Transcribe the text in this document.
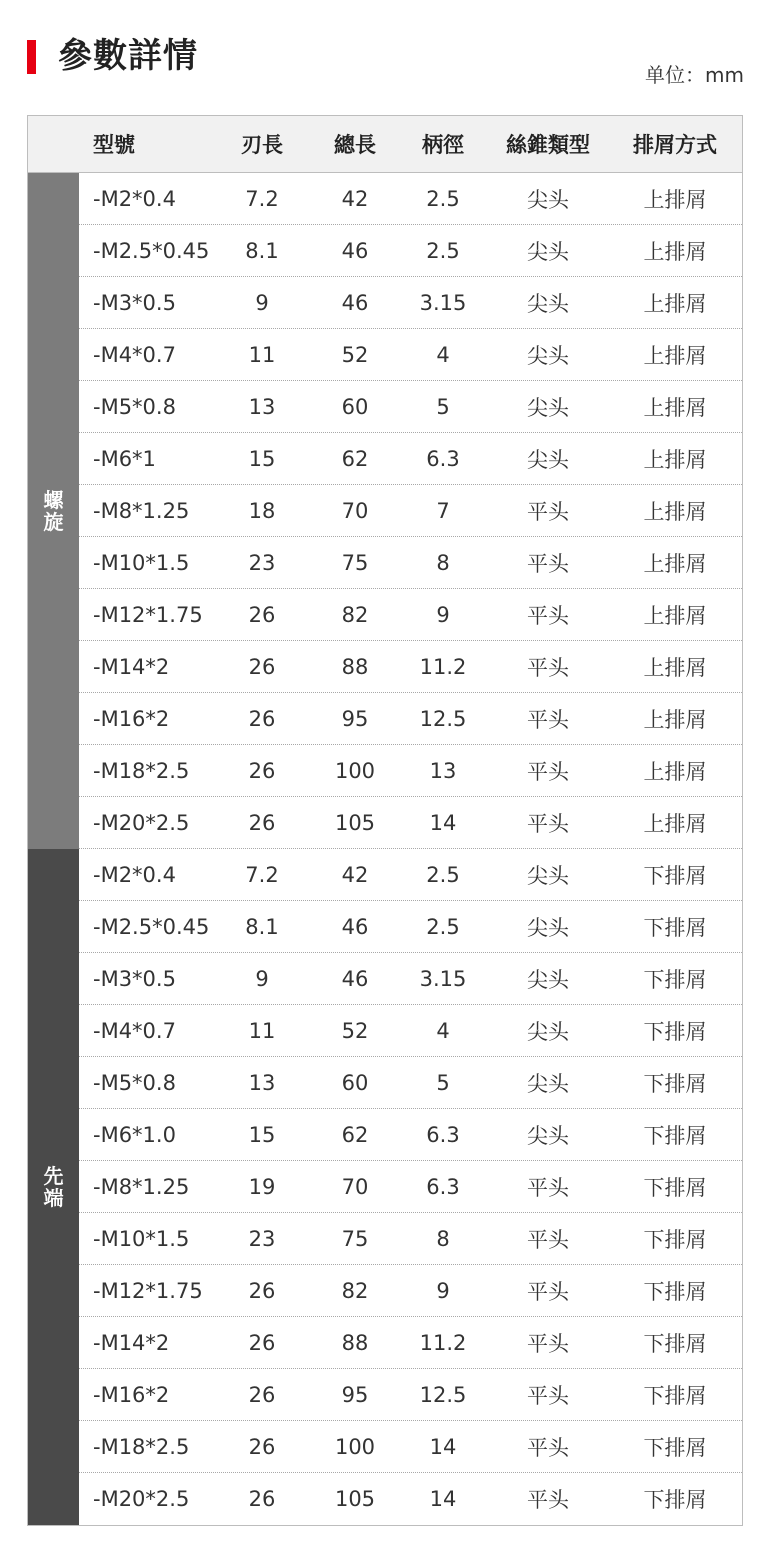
參數詳情	单位：mm
型號	刃長	總長	柄徑	絲錐類型	排屑方式
螺旋
-M2*0.4	7.2	42	2.5	尖头	上排屑
-M2.5*0.45	8.1	46	2.5	尖头	上排屑
-M3*0.5	9	46	3.15	尖头	上排屑
-M4*0.7	11	52	4	尖头	上排屑
-M5*0.8	13	60	5	尖头	上排屑
-M6*1	15	62	6.3	尖头	上排屑
-M8*1.25	18	70	7	平头	上排屑
-M10*1.5	23	75	8	平头	上排屑
-M12*1.75	26	82	9	平头	上排屑
-M14*2	26	88	11.2	平头	上排屑
-M16*2	26	95	12.5	平头	上排屑
-M18*2.5	26	100	13	平头	上排屑
-M20*2.5	26	105	14	平头	上排屑
先端
-M2*0.4	7.2	42	2.5	尖头	下排屑
-M2.5*0.45	8.1	46	2.5	尖头	下排屑
-M3*0.5	9	46	3.15	尖头	下排屑
-M4*0.7	11	52	4	尖头	下排屑
-M5*0.8	13	60	5	尖头	下排屑
-M6*1.0	15	62	6.3	尖头	下排屑
-M8*1.25	19	70	6.3	平头	下排屑
-M10*1.5	23	75	8	平头	下排屑
-M12*1.75	26	82	9	平头	下排屑
-M14*2	26	88	11.2	平头	下排屑
-M16*2	26	95	12.5	平头	下排屑
-M18*2.5	26	100	14	平头	下排屑
-M20*2.5	26	105	14	平头	下排屑
